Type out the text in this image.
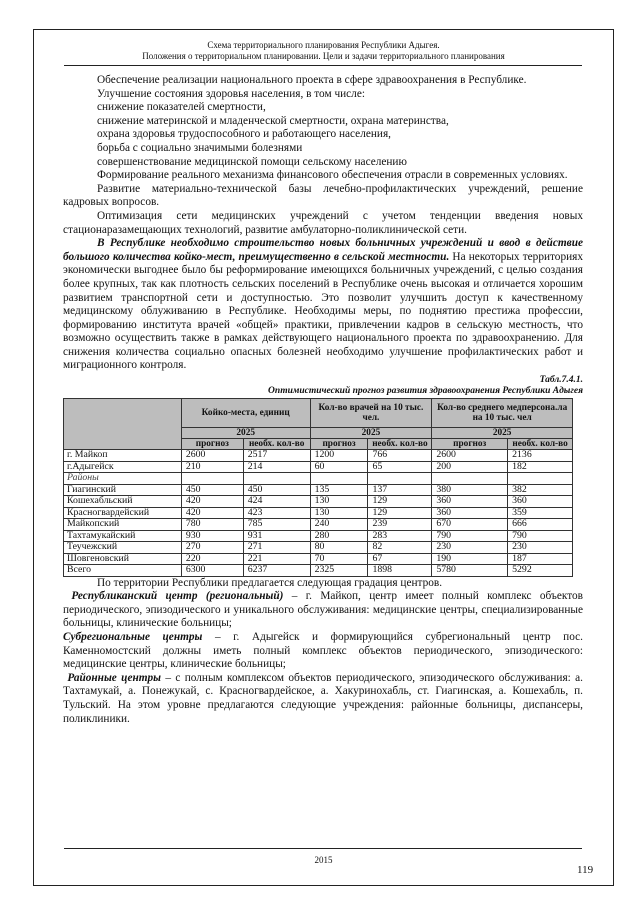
Схема территориального планирования Республики Адыгея.
Положения о территориальном планировании. Цели и задачи территориального планирования

Обеспечение реализации национального проекта в сфере здравоохранения в Республике.

Улучшение состояния здоровья населения, в том числе:

снижение показателей смертности,

снижение материнской и младенческой смертности, охрана материнства,

охрана здоровья трудоспособного и работающего населения,

борьба с социально значимыми болезнями

совершенствование медицинской помощи сельскому населению

Формирование реального механизма финансового обеспечения отрасли в современных условиях.

Развитие материально-технической базы лечебно-профилактических учреждений, решение кадровых вопросов.

Оптимизация сети медицинских учреждений с учетом тенденции введения новых стационаразамещающих технологий, развитие амбулаторно-поликлинической сети.

В Республике необходимо строительство новых больничных учреждений и ввод в действие большого количества койко-мест, преимущественно в сельской местности. На некоторых территориях экономически выгоднее было бы реформирование имеющихся больничных учреждений, с целью создания более крупных, так как плотность сельских поселений в Республике очень высокая и отличается хорошим развитием транспортной сети и доступностью. Это позволит улучшить доступ к качественному медицинскому облуживанию в Республике. Необходимы меры, по поднятию престижа профессии, формированию института врачей «общей» практики, привлечении кадров в сельскую местность, что возможно осуществить также в рамках действующего национального проекта по здравоохранению. Для снижения количества социально опасных болезней необходимо улучшение профилактических работ и миграционного контроля.

Табл.7.4.1.
Оптимистический прогноз развития здравоохранения Республики Адыгея
	Койко-места, единиц		Кол-во врачей на 10 тыс. чел.		Кол-во среднего медперсона.ла на 10 тыс. чел	
	2025		2025		2025	
	прогноз	необх. кол-во	прогноз	необх. кол-во	прогноз	необх. кол-во
г. Майкоп	2600	2517	1200	766	2600	2136
г.Адыгейск	210	214	60	65	200	182
Районы						
Гиагинский	450	450	135	137	380	382
Кошехабльский	420	424	130	129	360	360
Красногвардейский	420	423	130	129	360	359
Майкопский	780	785	240	239	670	666
Тахтамукайский	930	931	280	283	790	790
Теучежский	270	271	80	82	230	230
Шовгеновский	220	221	70	67	190	187
Всего	6300	6237	2325	1898	5780	5292

По территории Республики предлагается следующая градация центров.

Республиканский центр (региональный) – г. Майкоп, центр имеет полный комплекс объектов периодического, эпизодического и уникального обслуживания: медицинские центры, специализированные больницы, клинические больницы;

Субрегиональные центры – г. Адыгейск и формирующийся субрегиональный центр пос. Каменномостский должны иметь полный комплекс объектов периодического, эпизодического: медицинские центры, клинические больницы;

Районные центры – с полным комплексом объектов периодического, эпизодического обслуживания: а. Тахтамукай, а. Понежукай, с. Красногвардейское, а. Хакуринохабль, ст. Гиагинская, а. Кошехабль, п. Тульский. На этом уровне предлагаются следующие учреждения: районные больницы, диспансеры, поликлиники.

2015
119
